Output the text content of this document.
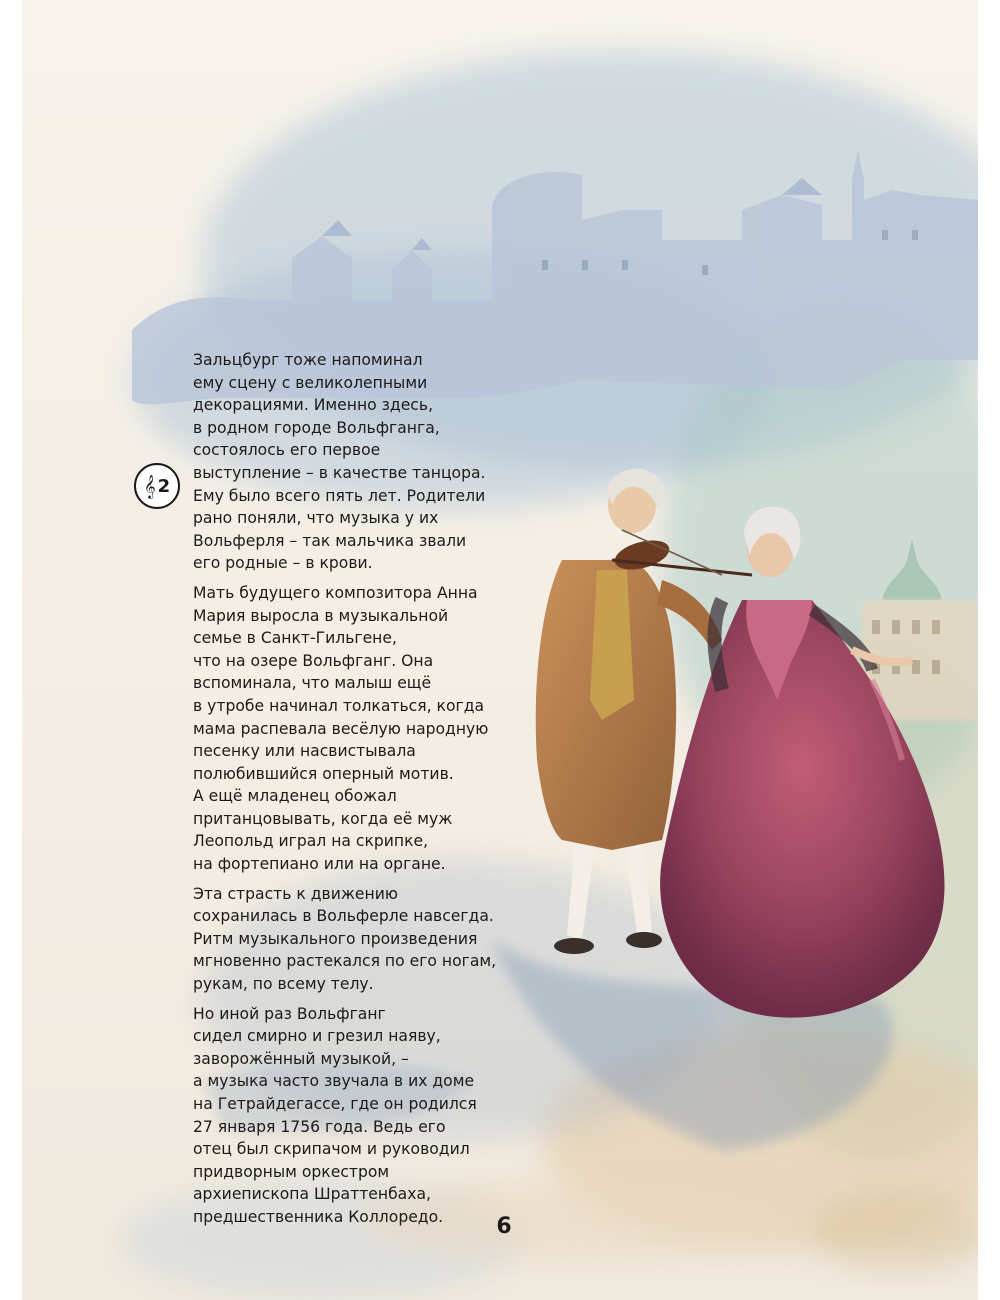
𝄞 2

Зальцбург тоже напоминал
ему сцену с великолепными
декорациями. Именно здесь,
в родном городе Вольфганга,
состоялось его первое
выступление – в качестве танцора.
Ему было всего пять лет. Родители
рано поняли, что музыка у их
Вольферля – так мальчика звали
его родные – в крови.

Мать будущего композитора Анна
Мария выросла в музыкальной
семье в Санкт-Гильгене,
что на озере Вольфганг. Она
вспоминала, что малыш ещё
в утробе начинал толкаться, когда
мама распевала весёлую народную
песенку или насвистывала
полюбившийся оперный мотив.
А ещё младенец обожал
пританцовывать, когда её муж
Леопольд играл на скрипке,
на фортепиано или на органе.

Эта страсть к движению
сохранилась в Вольферле навсегда.
Ритм музыкального произведения
мгновенно растекался по его ногам,
рукам, по всему телу.

Но иной раз Вольфганг
сидел смирно и грезил наяву,
заворожённый музыкой, –
а музыка часто звучала в их доме
на Гетрайдегассе, где он родился
27 января 1756 года. Ведь его
отец был скрипачом и руководил
придворным оркестром
архиепископа Шраттенбаха,
предшественника Коллоредо.	6
